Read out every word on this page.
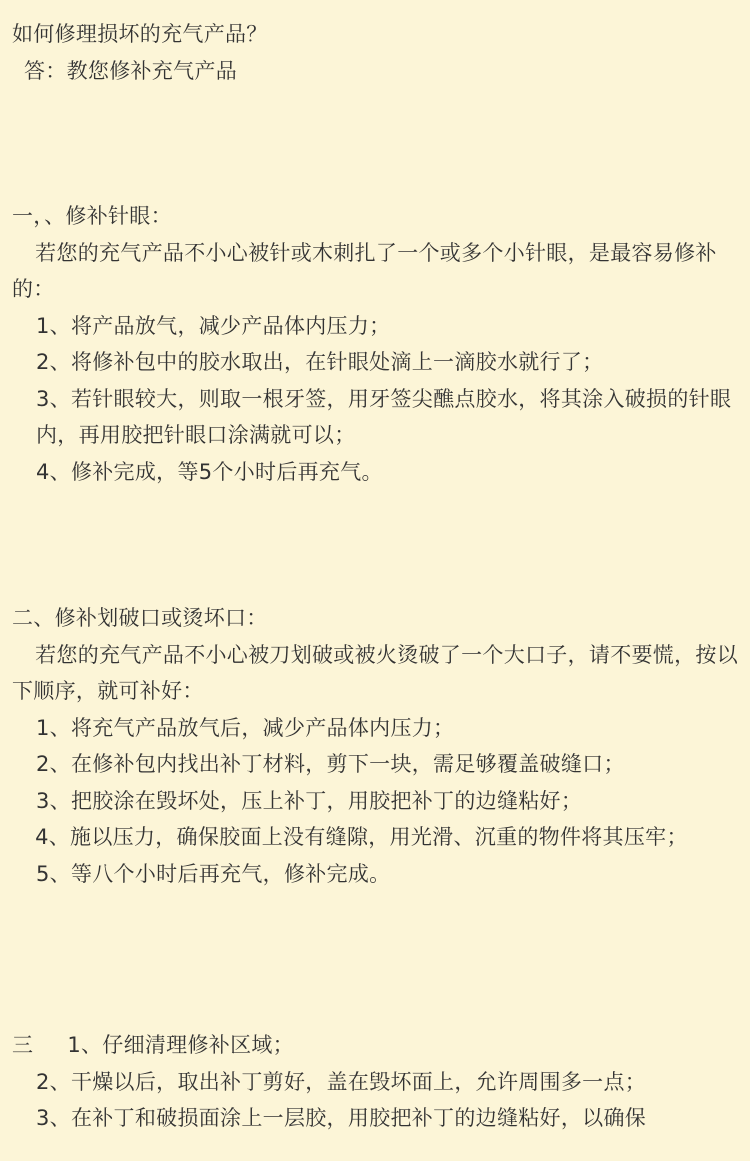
如何修理损坏的充气产品？
答：教您修补充气产品
一，、修补针眼：
若您的充气产品不小心被针或木刺扎了一个或多个小针眼，是最容易修补的：
1、将产品放气，减少产品体内压力；
2、将修补包中的胶水取出，在针眼处滴上一滴胶水就行了；
3、若针眼较大，则取一根牙签，用牙签尖醮点胶水，将其涂入破损的针眼内，再用胶把针眼口涂满就可以；
4、修补完成，等5个小时后再充气。
二、修补划破口或烫坏口：
若您的充气产品不小心被刀划破或被火烫破了一个大口子，请不要慌，按以下顺序，就可补好：
1、将充气产品放气后，减少产品体内压力；
2、在修补包内找出补丁材料，剪下一块，需足够覆盖破缝口；
3、把胶涂在毁坏处，压上补丁，用胶把补丁的边缝粘好；
4、施以压力，确保胶面上没有缝隙，用光滑、沉重的物件将其压牢；
5、等八个小时后再充气，修补完成。
三 1、仔细清理修补区域；
2、干燥以后，取出补丁剪好，盖在毁坏面上，允许周围多一点；
3、在补丁和破损面涂上一层胶，用胶把补丁的边缝粘好，以确保
